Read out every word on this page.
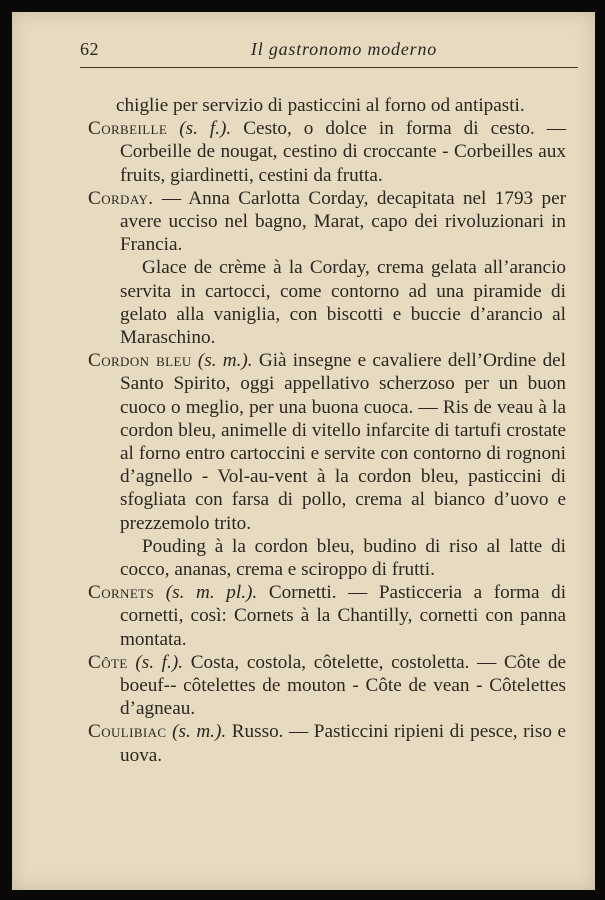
62	Il gastronomo moderno

chiglie per servizio di pasticcini al forno od antipasti.

Corbeille (s. f.). Cesto, o dolce in forma di cesto. — Corbeille de nougat, cestino di croccante - Corbeilles aux fruits, giardinetti, cestini da frutta.

Corday. — Anna Carlotta Corday, decapitata nel 1793 per avere ucciso nel bagno, Marat, capo dei rivoluzionari in Francia.

Glace de crème à la Corday, crema gelata all’arancio servita in cartocci, come contorno ad una piramide di gelato alla vaniglia, con biscotti e buccie d’arancio al Maraschino.

Cordon bleu (s. m.). Già insegne e cavaliere dell’Ordine del Santo Spirito, oggi appellativo scherzoso per un buon cuoco o meglio, per una buona cuoca. — Ris de veau à la cordon bleu, animelle di vitello infarcite di tartufi crostate al forno entro cartoccini e servite con contorno di rognoni d’agnello - Vol-au-vent à la cordon bleu, pasticcini di sfogliata con farsa di pollo, crema al bianco d’uovo e prezzemolo trito.

Pouding à la cordon bleu, budino di riso al latte di cocco, ananas, crema e sciroppo di frutti.

Cornets (s. m. pl.). Cornetti. — Pasticceria a forma di cornetti, così: Cornets à la Chantilly, cornetti con panna montata.

Côte (s. f.). Costa, costola, côtelette, costoletta. — Côte de boeuf-- côtelettes de mouton - Côte de vean - Côtelettes d’agneau.

Coulibiac (s. m.). Russo. — Pasticcini ripieni di pesce, riso e uova.
